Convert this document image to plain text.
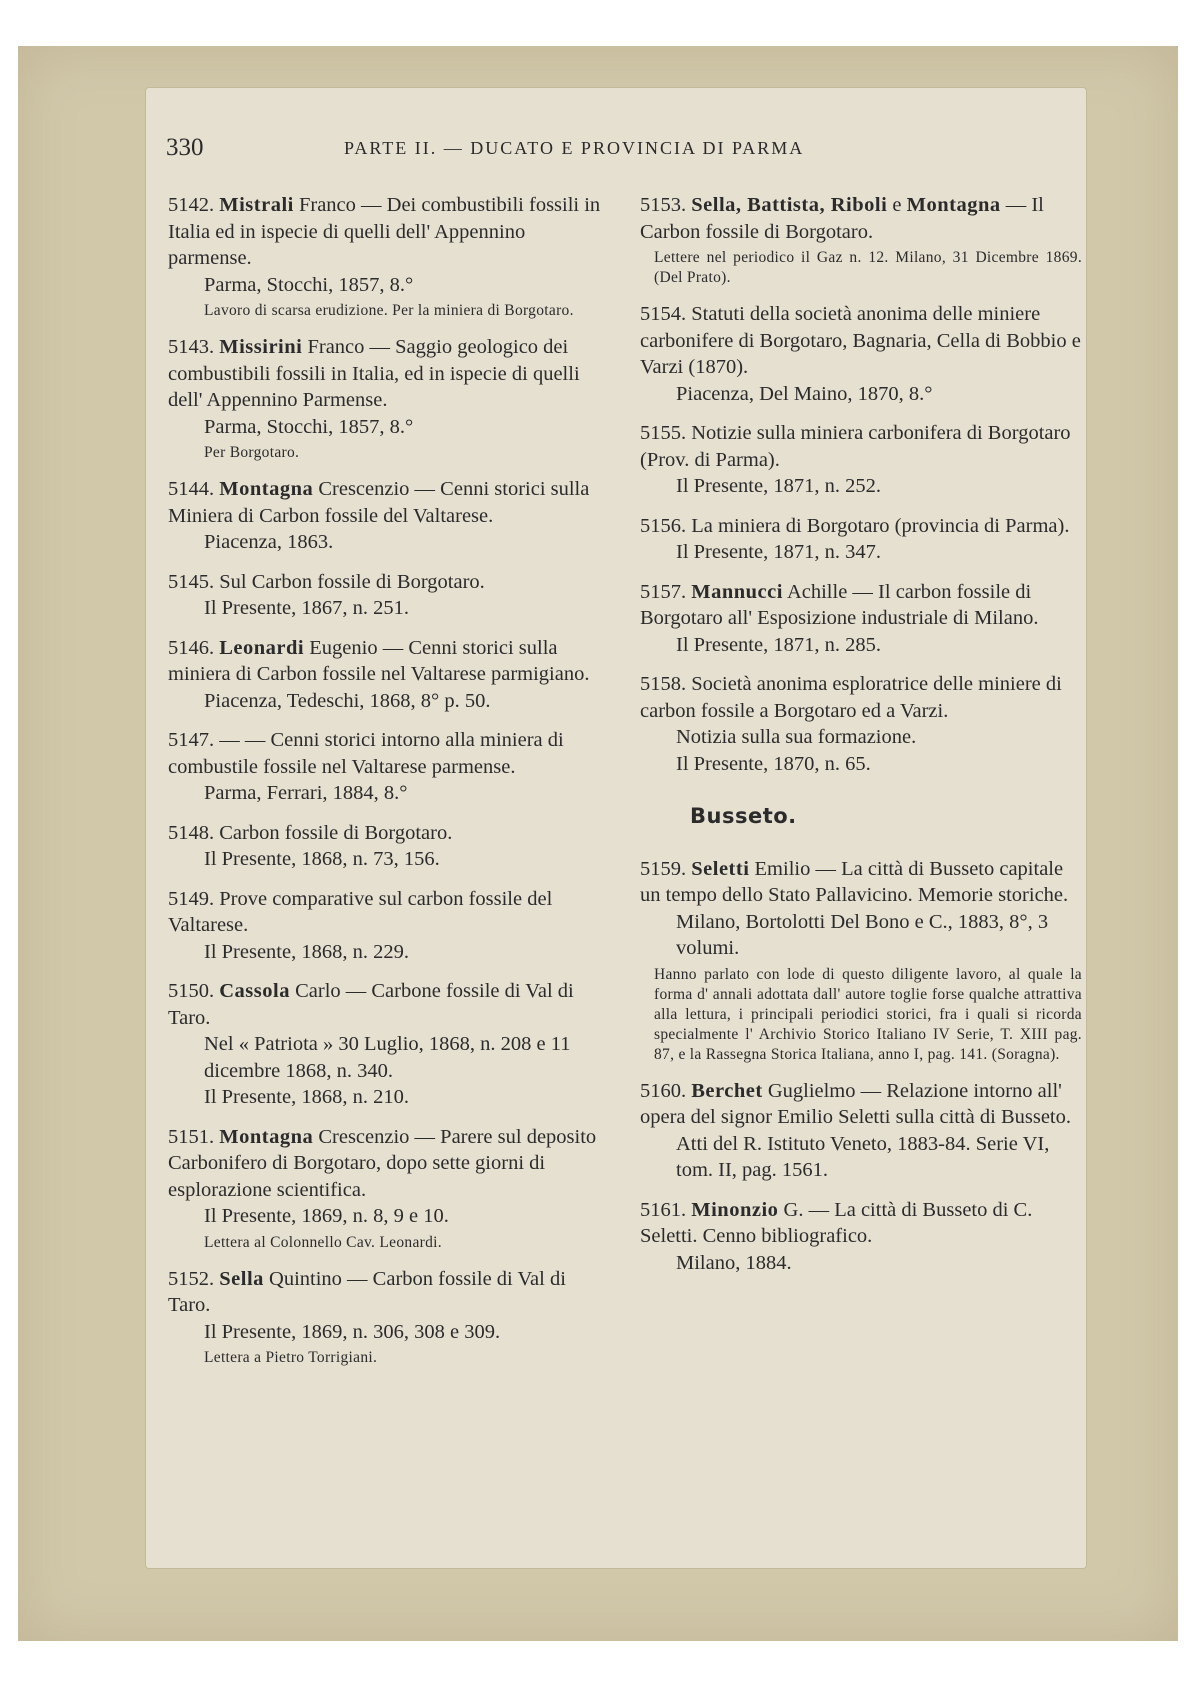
330	PARTE II. — DUCATO E PROVINCIA DI PARMA

5142. Mistrali Franco — Dei combustibili fossili in Italia ed in ispecie di quelli dell' Appennino parmense.

Parma, Stocchi, 1857, 8.°

Lavoro di scarsa erudizione. Per la miniera di Borgotaro.

5143. Missirini Franco — Saggio geologico dei combustibili fossili in Italia, ed in ispecie di quelli dell' Appennino Parmense.

Parma, Stocchi, 1857, 8.°

Per Borgotaro.

5144. Montagna Crescenzio — Cenni storici sulla Miniera di Carbon fossile del Valtarese.

Piacenza, 1863.

5145. Sul Carbon fossile di Borgotaro.

Il Presente, 1867, n. 251.

5146. Leonardi Eugenio — Cenni storici sulla miniera di Carbon fossile nel Valtarese parmigiano.

Piacenza, Tedeschi, 1868, 8° p. 50.

5147. — — Cenni storici intorno alla miniera di combustile fossile nel Valtarese parmense.

Parma, Ferrari, 1884, 8.°

5148. Carbon fossile di Borgotaro.

Il Presente, 1868, n. 73, 156.

5149. Prove comparative sul carbon fossile del Valtarese.

Il Presente, 1868, n. 229.

5150. Cassola Carlo — Carbone fossile di Val di Taro.

Nel « Patriota » 30 Luglio, 1868, n. 208 e 11 dicembre 1868, n. 340.

Il Presente, 1868, n. 210.

5151. Montagna Crescenzio — Parere sul deposito Carbonifero di Borgotaro, dopo sette giorni di esplorazione scientifica.

Il Presente, 1869, n. 8, 9 e 10.

Lettera al Colonnello Cav. Leonardi.

5152. Sella Quintino — Carbon fossile di Val di Taro.

Il Presente, 1869, n. 306, 308 e 309.

Lettera a Pietro Torrigiani.

5153. Sella, Battista, Riboli e Montagna — Il Carbon fossile di Borgotaro.

Lettere nel periodico il Gaz n. 12. Milano, 31 Dicembre 1869. (Del Prato).

5154. Statuti della società anonima delle miniere carbonifere di Borgotaro, Bagnaria, Cella di Bobbio e Varzi (1870).

Piacenza, Del Maino, 1870, 8.°

5155. Notizie sulla miniera carbonifera di Borgotaro (Prov. di Parma).

Il Presente, 1871, n. 252.

5156. La miniera di Borgotaro (provincia di Parma).

Il Presente, 1871, n. 347.

5157. Mannucci Achille — Il carbon fossile di Borgotaro all' Esposizione industriale di Milano.

Il Presente, 1871, n. 285.

5158. Società anonima esploratrice delle miniere di carbon fossile a Borgotaro ed a Varzi.

Notizia sulla sua formazione.

Il Presente, 1870, n. 65.

Busseto.

5159. Seletti Emilio — La città di Busseto capitale un tempo dello Stato Pallavicino. Memorie storiche.

Milano, Bortolotti Del Bono e C., 1883, 8°, 3 volumi.

Hanno parlato con lode di questo diligente lavoro, al quale la forma d' annali adottata dall' autore toglie forse qualche attrattiva alla lettura, i principali periodici storici, fra i quali si ricorda specialmente l' Archivio Storico Italiano IV Serie, T. XIII pag. 87, e la Rassegna Storica Italiana, anno I, pag. 141. (Soragna).

5160. Berchet Guglielmo — Relazione intorno all' opera del signor Emilio Seletti sulla città di Busseto.

Atti del R. Istituto Veneto, 1883-84. Serie VI, tom. II, pag. 1561.

5161. Minonzio G. — La città di Busseto di C. Seletti. Cenno bibliografico.

Milano, 1884.
